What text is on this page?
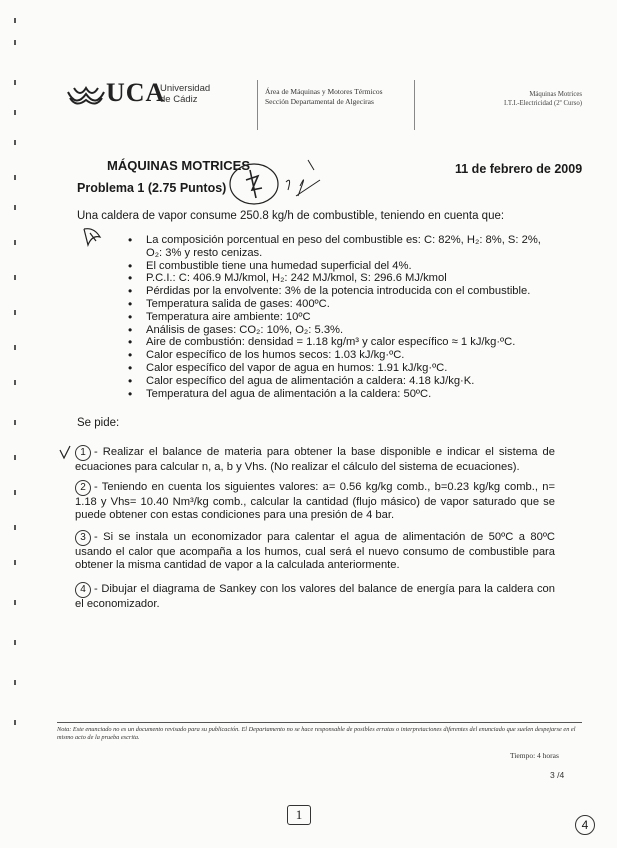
UCA
Universidad
de Cádiz
Área de Máquinas y Motores Térmicos
Sección Departamental de Algeciras
Máquinas Motrices
I.T.I.-Electricidad (2º Curso)
MÁQUINAS MOTRICES	11 de febrero de 2009
Problema 1 (2.75 Puntos)
Una caldera de vapor consume 250.8 kg/h de combustible, teniendo en cuenta que:
• La composición porcentual en peso del combustible es: C: 82%, H₂: 8%, S: 2%, O₂: 3% y resto cenizas.
• El combustible tiene una humedad superficial del 4%.
• P.C.I.: C: 406.9 MJ/kmol, H₂: 242 MJ/kmol, S: 296.6 MJ/kmol
• Pérdidas por la envolvente: 3% de la potencia introducida con el combustible.
• Temperatura salida de gases: 400ºC.
• Temperatura aire ambiente: 10ºC
• Análisis de gases: CO₂: 10%, O₂: 5.3%.
• Aire de combustión: densidad = 1.18 kg/m³ y calor específico ≈ 1 kJ/kg·ºC.
• Calor específico de los humos secos: 1.03 kJ/kg·ºC.
• Calor específico del vapor de agua en humos: 1.91 kJ/kg·ºC.
• Calor específico del agua de alimentación a caldera: 4.18 kJ/kg·K.
• Temperatura del agua de alimentación a la caldera: 50ºC.
Se pide:
1 - Realizar el balance de materia para obtener la base disponible e indicar el sistema de ecuaciones para calcular n, a, b y Vhs. (No realizar el cálculo del sistema de ecuaciones).
2 - Teniendo en cuenta los siguientes valores: a= 0.56 kg/kg comb., b=0.23 kg/kg comb., n= 1.18 y Vhs= 10.40 Nm³/kg comb., calcular la cantidad (flujo másico) de vapor saturado que se puede obtener con estas condiciones para una presión de 4 bar.
3 - Si se instala un economizador para calentar el agua de alimentación de 50ºC a 80ºC usando el calor que acompaña a los humos, cual será el nuevo consumo de combustible para obtener la misma cantidad de vapor a la calculada anteriormente.
4 - Dibujar el diagrama de Sankey con los valores del balance de energía para la caldera con el economizador.
Nota: Este enunciado no es un documento revisado para su publicación. El Departamento no se hace responsable de posibles erratas o interpretaciones diferentes del enunciado que suelen despejarse en el mismo acto de la prueba escrita.
Tiempo: 4 horas
3 /4
1
4
